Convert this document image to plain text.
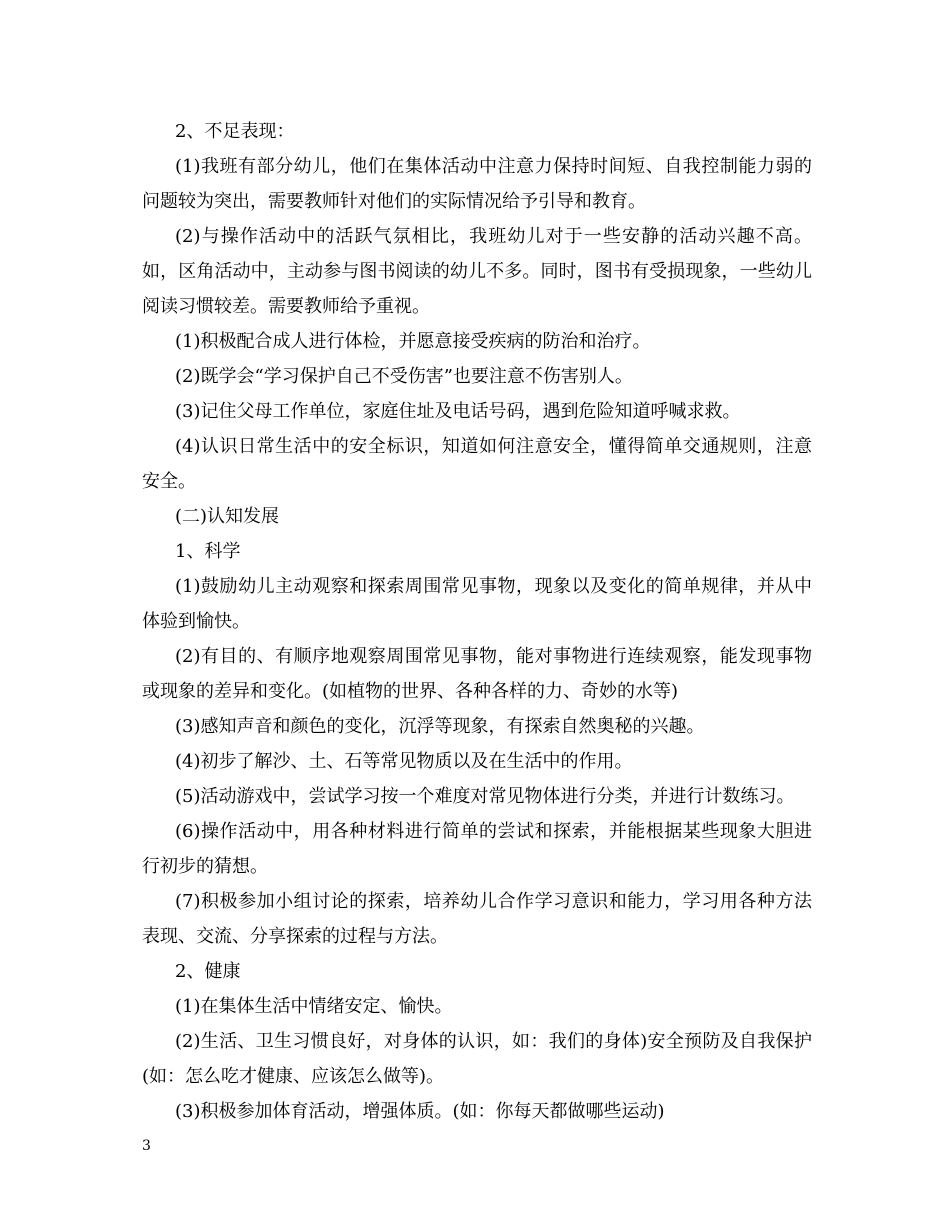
2、不足表现：

(1)我班有部分幼儿，他们在集体活动中注意力保持时间短、自我控制能力弱的问题较为突出，需要教师针对他们的实际情况给予引导和教育。

(2)与操作活动中的活跃气氛相比，我班幼儿对于一些安静的活动兴趣不高。如，区角活动中，主动参与图书阅读的幼儿不多。同时，图书有受损现象，一些幼儿阅读习惯较差。需要教师给予重视。

(1)积极配合成人进行体检，并愿意接受疾病的防治和治疗。

(2)既学会“学习保护自己不受伤害”也要注意不伤害别人。

(3)记住父母工作单位，家庭住址及电话号码，遇到危险知道呼喊求救。

(4)认识日常生活中的安全标识，知道如何注意安全，懂得简单交通规则，注意安全。

(二)认知发展

1、科学

(1)鼓励幼儿主动观察和探索周围常见事物，现象以及变化的简单规律，并从中体验到愉快。

(2)有目的、有顺序地观察周围常见事物，能对事物进行连续观察，能发现事物或现象的差异和变化。(如植物的世界、各种各样的力、奇妙的水等)

(3)感知声音和颜色的变化，沉浮等现象，有探索自然奥秘的兴趣。

(4)初步了解沙、土、石等常见物质以及在生活中的作用。

(5)活动游戏中，尝试学习按一个难度对常见物体进行分类，并进行计数练习。

(6)操作活动中，用各种材料进行简单的尝试和探索，并能根据某些现象大胆进行初步的猜想。

(7)积极参加小组讨论的探索，培养幼儿合作学习意识和能力，学习用各种方法表现、交流、分享探索的过程与方法。

2、健康

(1)在集体生活中情绪安定、愉快。

(2)生活、卫生习惯良好，对身体的认识，如：我们的身体)安全预防及自我保护(如：怎么吃才健康、应该怎么做等)。

(3)积极参加体育活动，增强体质。(如：你每天都做哪些运动)

3
